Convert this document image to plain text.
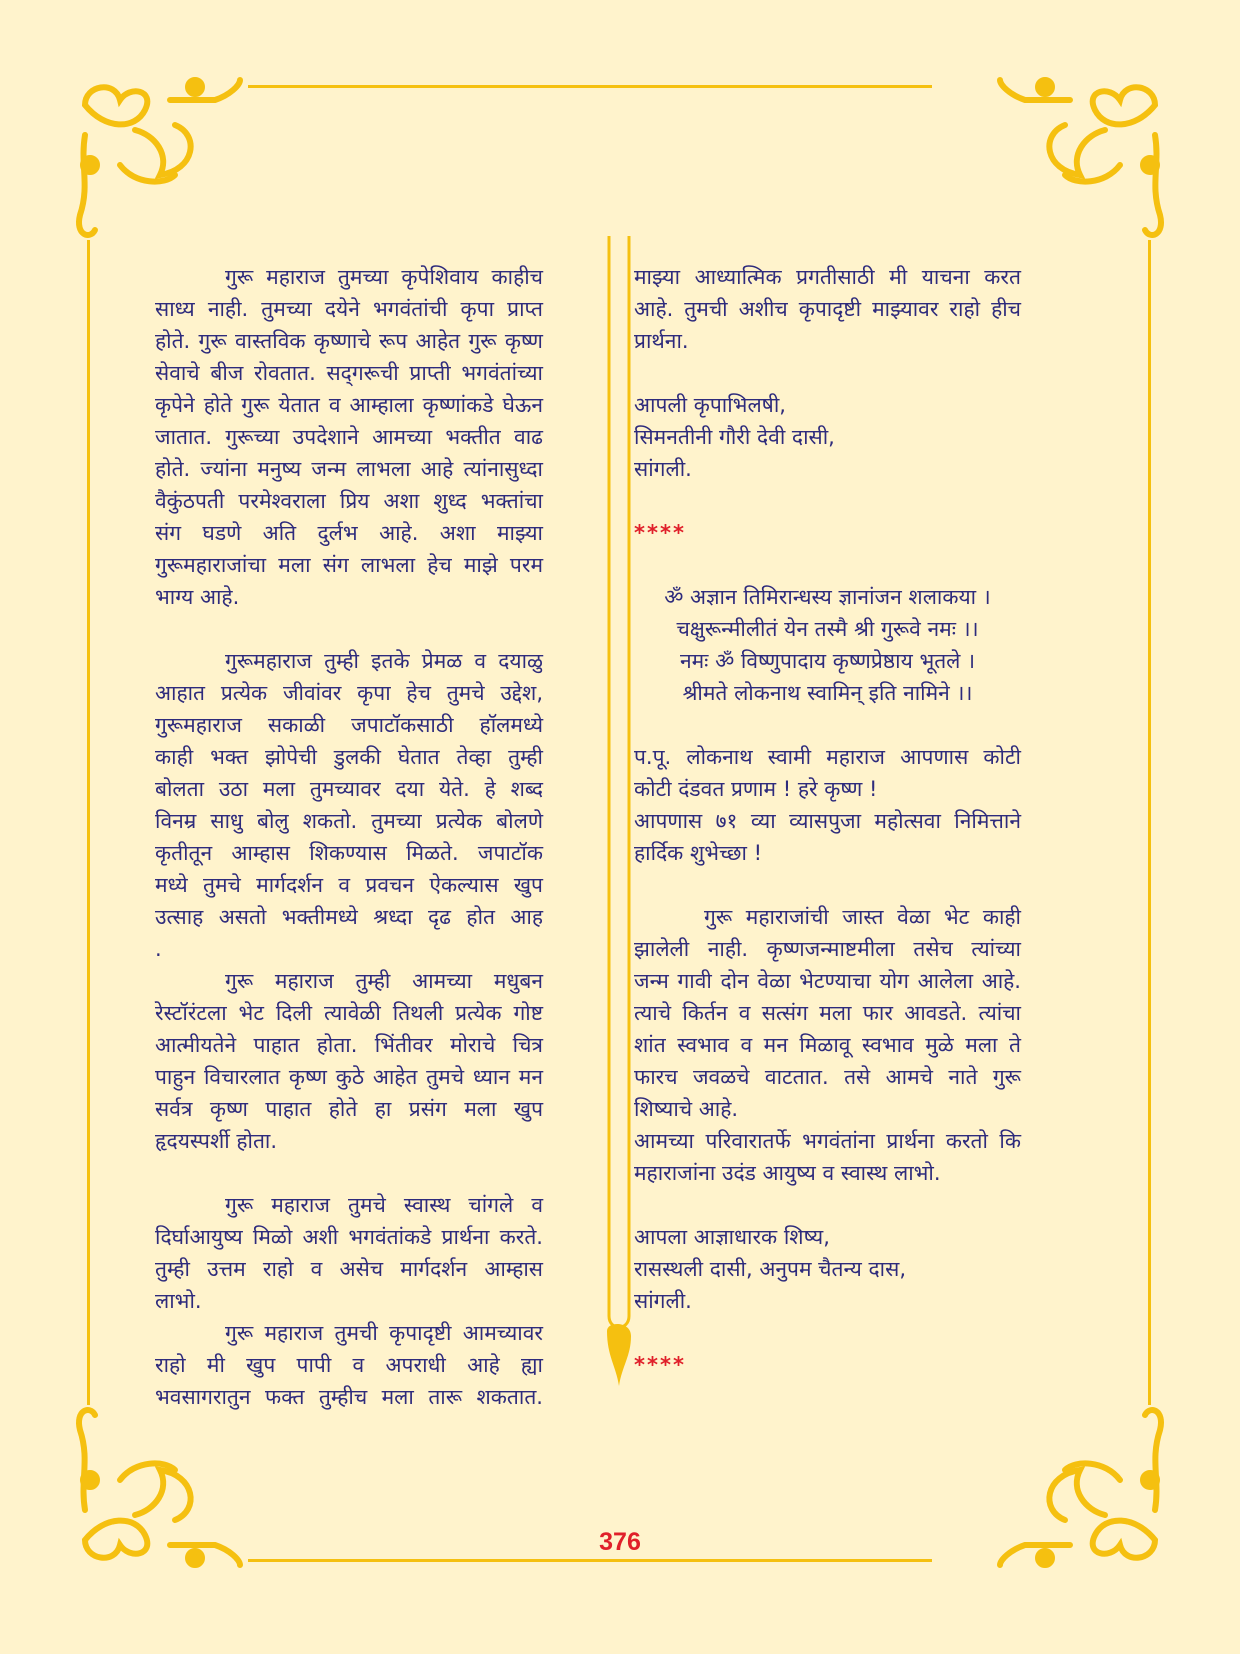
गुरू महाराज तुमच्या कृपेशिवाय काहीच
साध्य नाही. तुमच्या दयेने भगवंतांची कृपा प्राप्त
होते. गुरू वास्तविक कृष्णाचे रूप आहेत गुरू कृष्ण
सेवाचे बीज रोवतात. सद्‌गरूची प्राप्ती भगवंतांच्या
कृपेने होते गुरू येतात व आम्हाला कृष्णांकडे घेऊन
जातात. गुरूच्या उपदेशाने आमच्या भक्तीत वाढ
होते. ज्यांना मनुष्य जन्म लाभला आहे त्यांनासुध्दा
वैकुंठपती परमेश्वराला प्रिय अशा शुध्द भक्तांचा
संग घडणे अति दुर्लभ आहे. अशा माझ्या
गुरूमहाराजांचा मला संग लाभला हेच माझे परम
भाग्य आहे.
गुरूमहाराज तुम्ही इतके प्रेमळ व दयाळु
आहात प्रत्येक जीवांवर कृपा हेच तुमचे उद्देश,
गुरूमहाराज सकाळी जपाटॉकसाठी हॉलमध्ये
काही भक्त झोपेची डुलकी घेतात तेव्हा तुम्ही
बोलता उठा मला तुमच्यावर दया येते. हे शब्द
विनम्र साधु बोलु शकतो. तुमच्या प्रत्येक बोलणे
कृतीतून आम्हास शिकण्यास मिळते. जपाटॉक
मध्ये तुमचे मार्गदर्शन व प्रवचन ऐकल्यास खुप
उत्साह असतो भक्तीमध्ये श्रध्दा दृढ होत आह
.
गुरू महाराज तुम्ही आमच्या मधुबन
रेस्टॉरंटला भेट दिली त्यावेळी तिथली प्रत्येक गोष्ट
आत्मीयतेने पाहात होता. भिंतीवर मोराचे चित्र
पाहुन विचारलात कृष्ण कुठे आहेत तुमचे ध्यान मन
सर्वत्र कृष्ण पाहात होते हा प्रसंग मला खुप
हृदयस्पर्शी होता.
गुरू महाराज तुमचे स्वास्थ चांगले व
दिर्घाआयुष्य मिळो अशी भगवंतांकडे प्रार्थना करते.
तुम्ही उत्तम राहो व असेच मार्गदर्शन आम्हास
लाभो.
गुरू महाराज तुमची कृपादृष्टी आमच्यावर
राहो मी खुप पापी व अपराधी आहे ह्या
भवसागरातुन फक्त तुम्हीच मला तारू शकतात.
माझ्या आध्यात्मिक प्रगतीसाठी मी याचना करत
आहे. तुमची अशीच कृपादृष्टी माझ्यावर राहो हीच
प्रार्थना.
आपली कृपाभिलषी,
सिमनतीनी गौरी देवी दासी,
सांगली.
****
ॐ अज्ञान तिमिरान्धस्य ज्ञानांजन शलाकया ।
चक्षुरून्मीलीतं येन तस्मै श्री गुरूवे नमः ।।
नमः ॐ विष्णुपादाय कृष्णप्रेष्ठाय भूतले ।
श्रीमते लोकनाथ स्वामिन् इति नामिने ।।
प.पू. लोकनाथ स्वामी महाराज आपणास कोटी
कोटी दंडवत प्रणाम ! हरे कृष्ण !
आपणास ७१ व्या व्यासपुजा महोत्सवा निमित्ताने
हार्दिक शुभेच्छा !
गुरू महाराजांची जास्त वेळा भेट काही
झालेली नाही. कृष्णजन्माष्टमीला तसेच त्यांच्या
जन्म गावी दोन वेळा भेटण्याचा योग आलेला आहे.
त्याचे किर्तन व सत्संग मला फार आवडते. त्यांचा
शांत स्वभाव व मन मिळावू स्वभाव मुळे मला ते
फारच जवळचे वाटतात. तसे आमचे नाते गुरू
शिष्याचे आहे.
आमच्या परिवारातर्फे भगवंतांना प्रार्थना करतो कि
महाराजांना उदंड आयुष्य व स्वास्थ लाभो.
आपला आज्ञाधारक शिष्य,
रासस्थली दासी, अनुपम चैतन्य दास,
सांगली.
****
376
